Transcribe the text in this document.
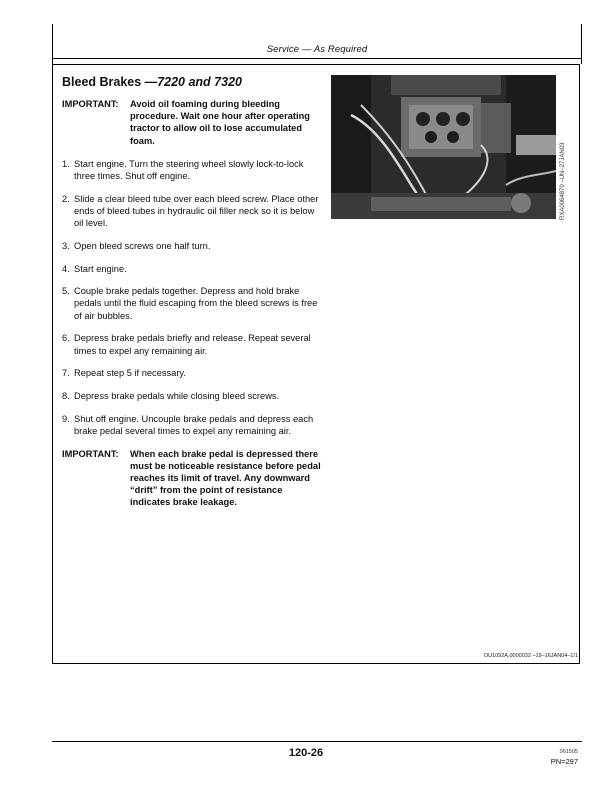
Service — As Required
Bleed Brakes —7220 and 7320
IMPORTANT:	Avoid oil foaming during bleeding procedure. Wait one hour after operating tractor to allow oil to lose accumulated foam.
1. Start engine. Turn the steering wheel slowly lock-to-lock three times. Shut off engine.
2. Slide a clear bleed tube over each bleed screw. Place other ends of bleed tubes in hydraulic oil filler neck so it is below oil level.
3. Open bleed screws one half turn.
4. Start engine.
5. Couple brake pedals together. Depress and hold brake pedals until the fluid escaping from the bleed screws is free of air bubbles.
6. Depress brake pedals briefly and release. Repeat several times to expel any remaining air.
7. Repeat step 5 if necessary.
8. Depress brake pedals while closing bleed screws.
9. Shut off engine. Uncouple brake pedals and depress each brake pedal several times to expel any remaining air.
IMPORTANT:	When each brake pedal is depressed there must be noticeable resistance before pedal reaches its limit of travel. Any downward “drift” from the point of resistance indicates brake leakage.
RXA0064870 –UN–27JAN03
OU1092A,0000032 –19–16JAN04–1/1
120-26	061505
PN=297
